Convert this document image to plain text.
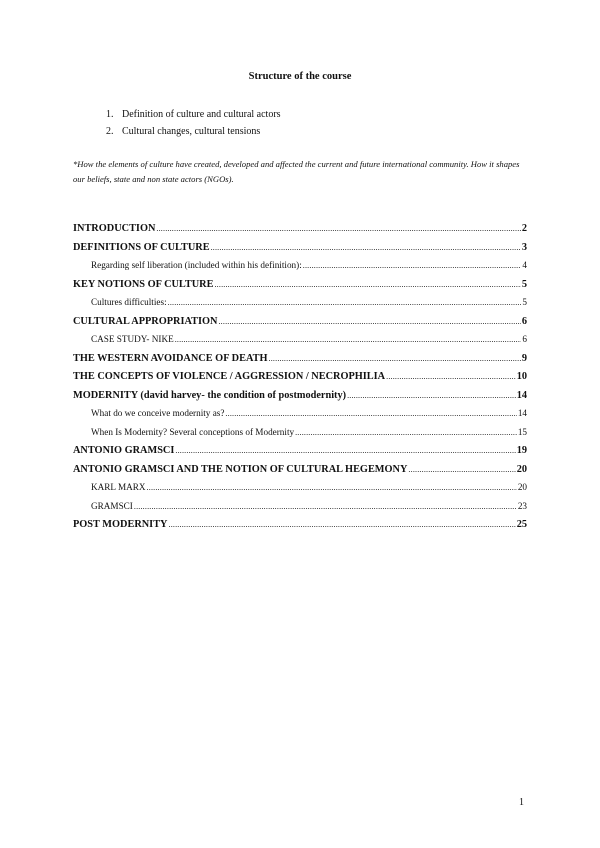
Structure of the course
1. Definition of culture and cultural actors
2. Cultural changes, cultural tensions
*How the elements of culture have created, developed and affected the current and future international community. How it shapes our beliefs, state and non state actors (NGOs).
INTRODUCTION .....	2
DEFINITIONS OF CULTURE .....	3
Regarding self liberation (included within his definition): .....	4
KEY NOTIONS OF CULTURE .....	5
Cultures difficulties: .....	5
CULTURAL APPROPRIATION .....	6
CASE STUDY- NIKE .....	6
THE WESTERN AVOIDANCE OF DEATH .....	9
THE CONCEPTS OF VIOLENCE / AGGRESSION / NECROPHILIA .....	10
MODERNITY (david harvey- the condition of postmodernity) .....	14
What do we conceive modernity as? .....	14
When Is Modernity? Several conceptions of Modernity .....	15
ANTONIO GRAMSCI .....	19
ANTONIO GRAMSCI AND THE NOTION OF CULTURAL HEGEMONY .....	20
KARL MARX .....	20
GRAMSCI .....	23
POST MODERNITY .....	25
1
